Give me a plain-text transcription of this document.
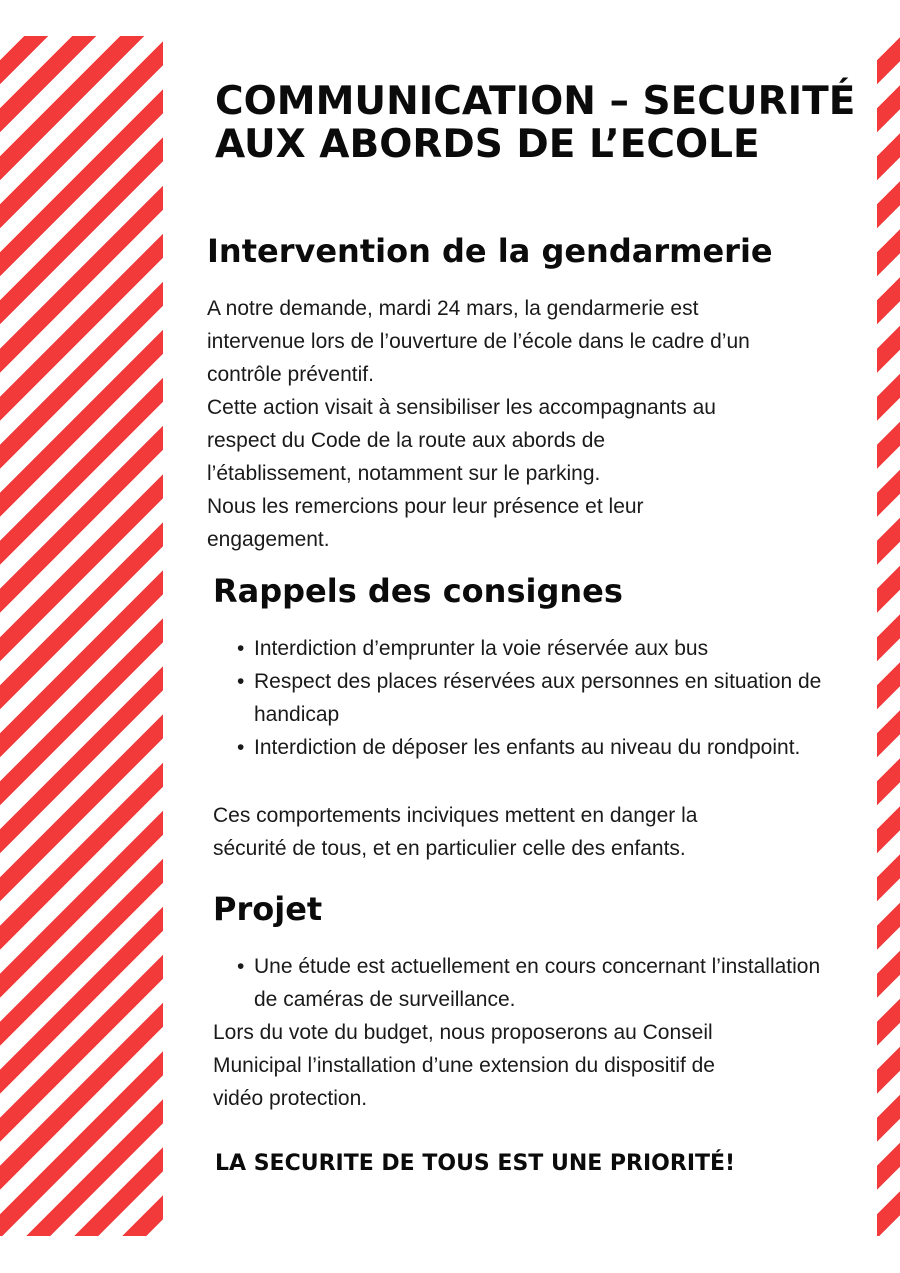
COMMUNICATION – SECURITÉ AUX ABORDS DE L’ECOLE
Intervention de la gendarmerie

A notre demande, mardi 24 mars, la gendarmerie est
intervenue lors de l’ouverture de l’école dans le cadre d’un
contrôle préventif.
Cette action visait à sensibiliser les accompagnants au
respect du Code de la route aux abords de
l’établissement, notamment sur le parking.
Nous les remercions pour leur présence et leur
engagement.

Rappels des consignes
• Interdiction d’emprunter la voie réservée aux bus
• Respect des places réservées aux personnes en situation de handicap
• Interdiction de déposer les enfants au niveau du rondpoint.

Ces comportements inciviques mettent en danger la
sécurité de tous, et en particulier celle des enfants.

Projet
• Une étude est actuellement en cours concernant l’installation de caméras de surveillance.

Lors du vote du budget, nous proposerons au Conseil
Municipal l’installation d’une extension du dispositif de
vidéo protection.

LA SECURITE DE TOUS EST UNE PRIORITÉ!
